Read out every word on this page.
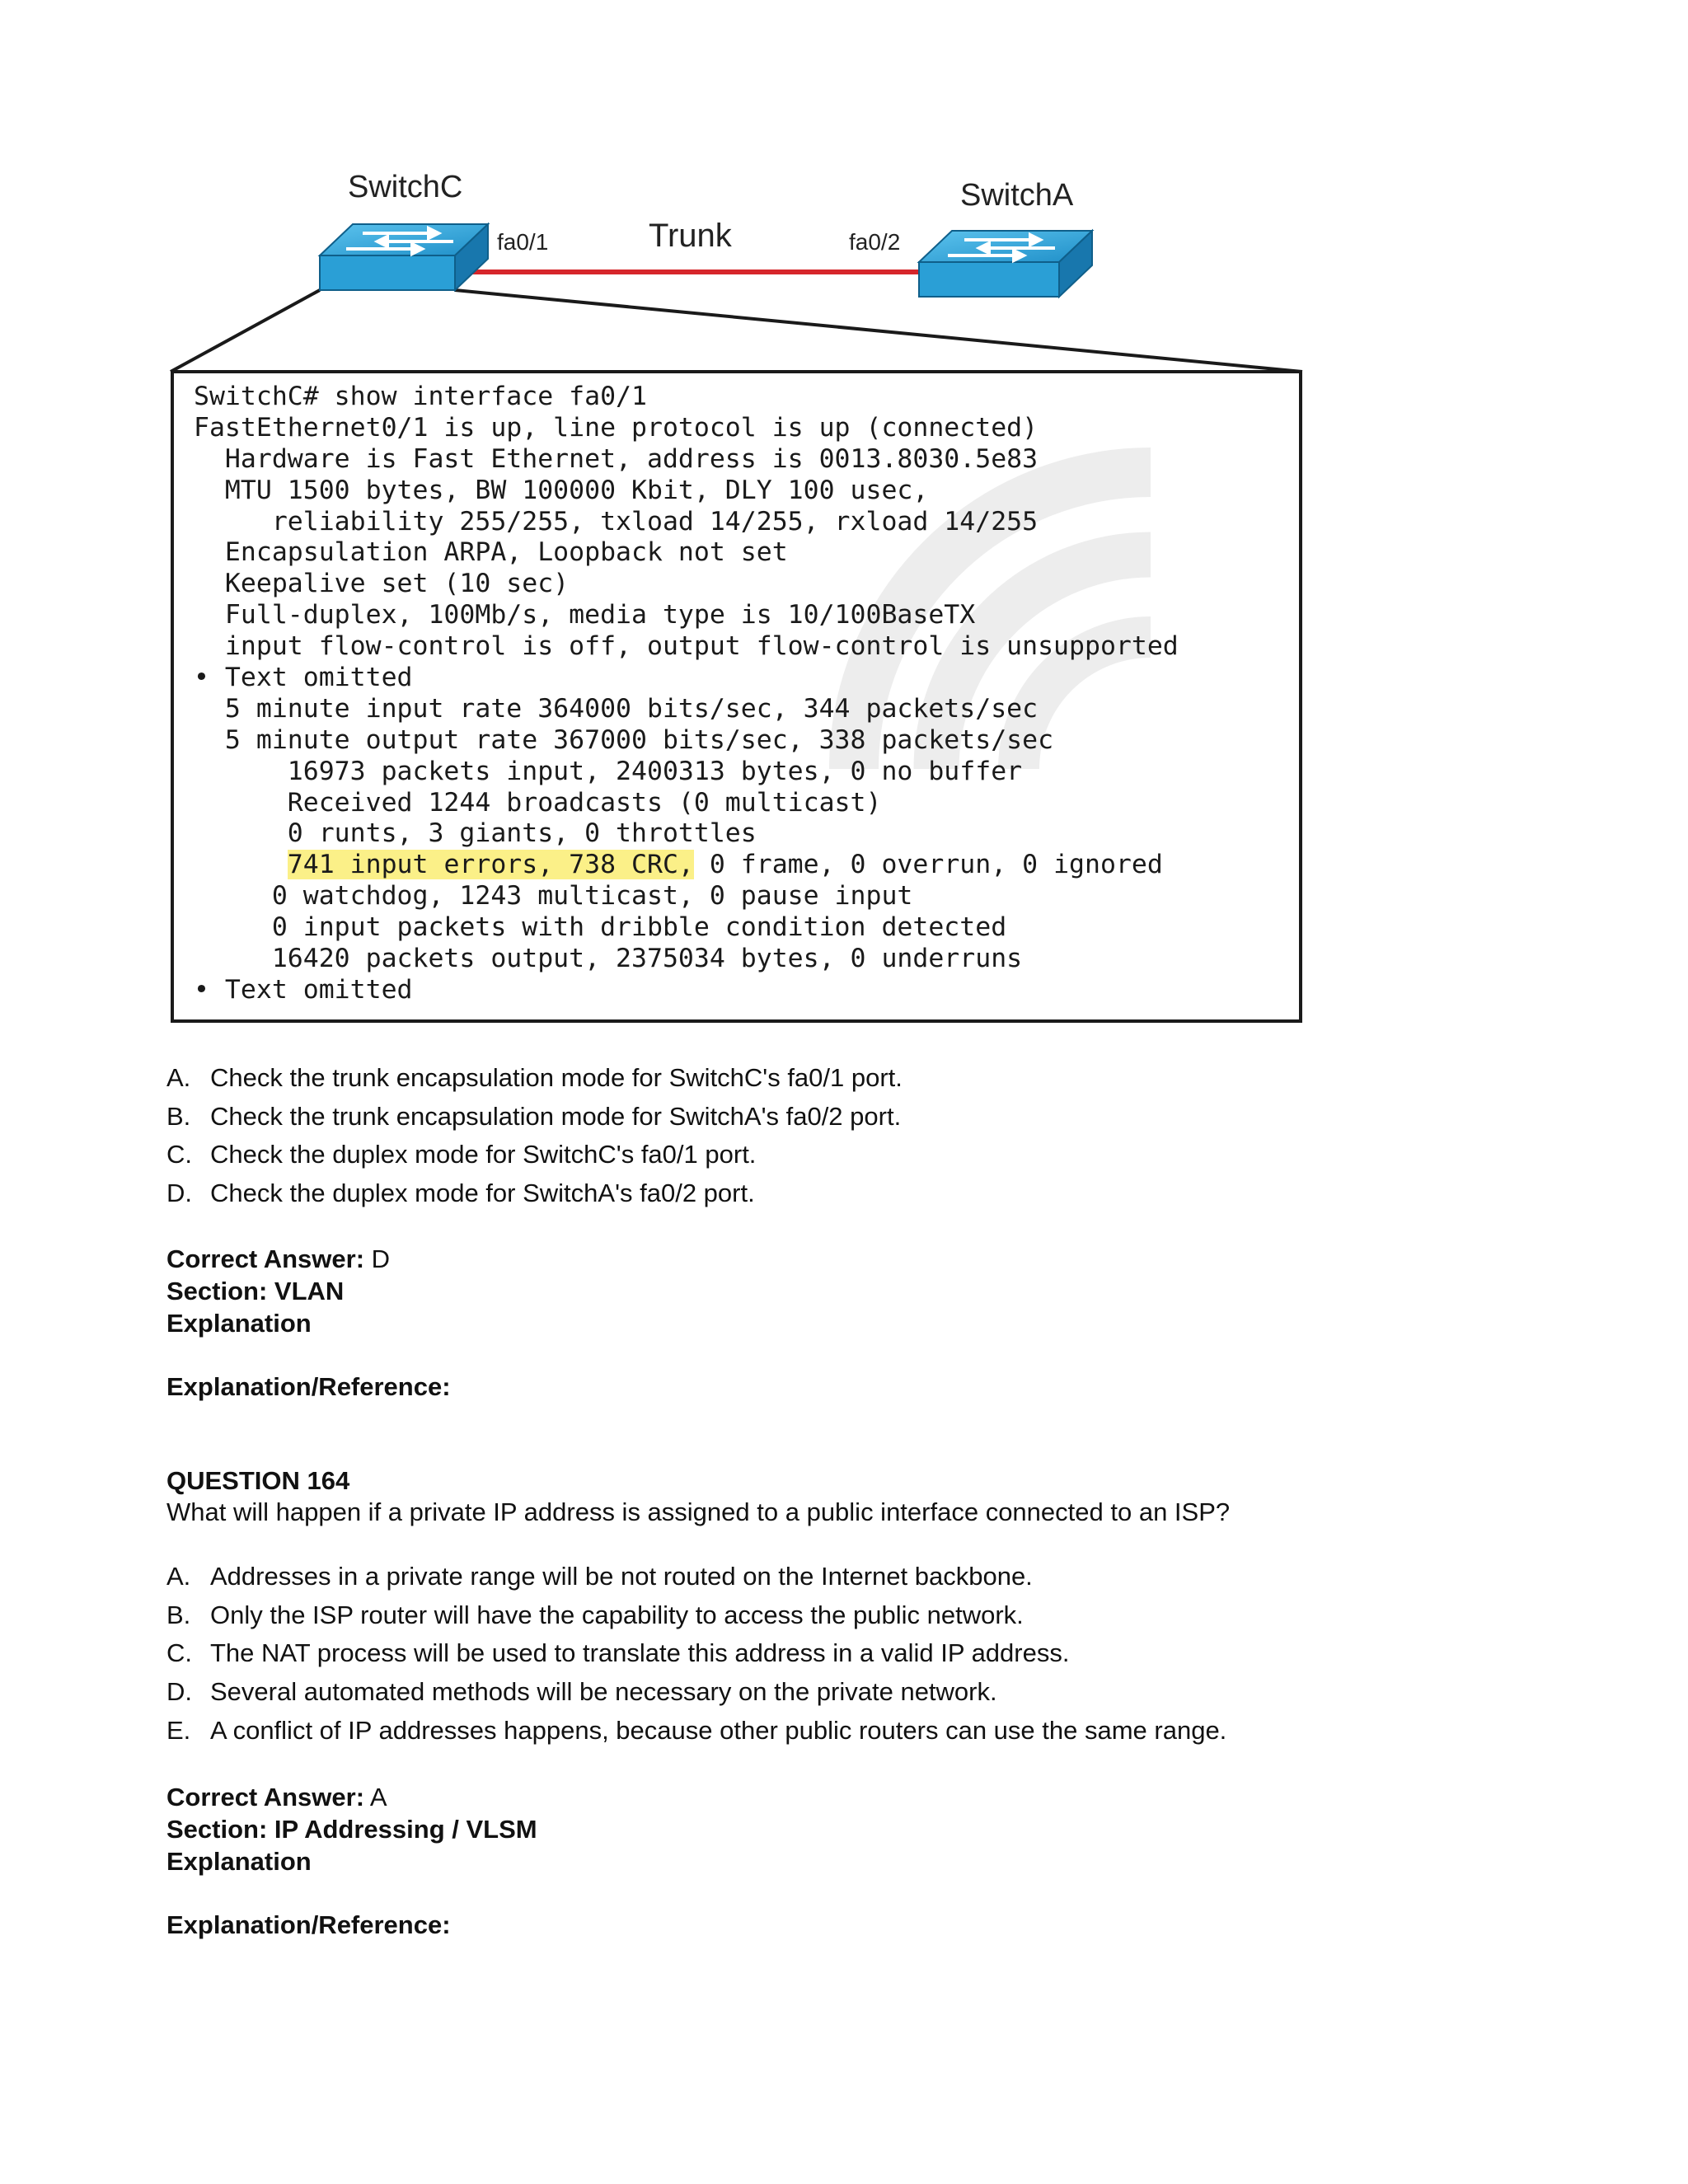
SwitchC	SwitchA
fa0/1	fa0/2
Trunk
SwitchC# show interface fa0/1
FastEthernet0/1 is up, line protocol is up (connected)
Hardware is Fast Ethernet, address is 0013.8030.5e83
MTU 1500 bytes, BW 100000 Kbit, DLY 100 usec,
reliability 255/255, txload 14/255, rxload 14/255
Encapsulation ARPA, Loopback not set
Keepalive set (10 sec)
Full-duplex, 100Mb/s, media type is 10/100BaseTX
input flow-control is off, output flow-control is unsupported
• Text omitted
5 minute input rate 364000 bits/sec, 344 packets/sec
5 minute output rate 367000 bits/sec, 338 packets/sec
16973 packets input, 2400313 bytes, 0 no buffer
Received 1244 broadcasts (0 multicast)
0 runts, 3 giants, 0 throttles
741 input errors, 738 CRC, 0 frame, 0 overrun, 0 ignored
0 watchdog, 1243 multicast, 0 pause input
0 input packets with dribble condition detected
16420 packets output, 2375034 bytes, 0 underruns
• Text omitted
A. Check the trunk encapsulation mode for SwitchC's fa0/1 port.
B. Check the trunk encapsulation mode for SwitchA's fa0/2 port.
C. Check the duplex mode for SwitchC's fa0/1 port.
D. Check the duplex mode for SwitchA's fa0/2 port.
Correct Answer: D
Section: VLAN
Explanation
Explanation/Reference:
QUESTION 164
What will happen if a private IP address is assigned to a public interface connected to an ISP?
A. Addresses in a private range will be not routed on the Internet backbone.
B. Only the ISP router will have the capability to access the public network.
C. The NAT process will be used to translate this address in a valid IP address.
D. Several automated methods will be necessary on the private network.
E. A conflict of IP addresses happens, because other public routers can use the same range.
Correct Answer: A
Section: IP Addressing / VLSM
Explanation
Explanation/Reference:
